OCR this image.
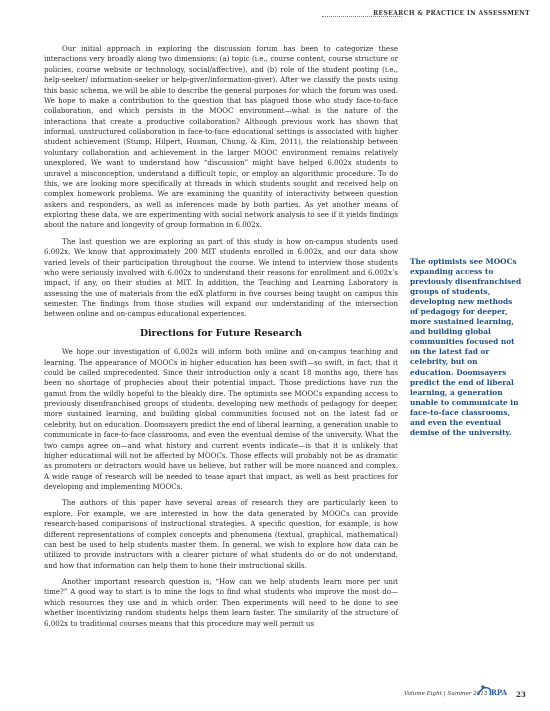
RESEARCH & PRACTICE IN ASSESSMENT

Our initial approach in exploring the discussion forum has been to categorize these interactions very broadly along two dimensions: (a) topic (i.e., course content, course structure or policies, course website or technology, social/affective), and (b) role of the student posting (i.e., help-seeker/ information-seeker or help-giver/information-giver). After we classify the posts using this basic schema, we will be able to describe the general purposes for which the forum was used. We hope to make a contribution to the question that has plagued those who study face-to-face collaboration, and which persists in the MOOC environment—what is the nature of the interactions that create a productive collaboration? Although previous work has shown that informal, unstructured collaboration in face-to-face educational settings is associated with higher student achievement (Stump, Hilpert, Husman, Chung, & Kim, 2011), the relationship between voluntary collaboration and achievement in the larger MOOC environment remains relatively unexplored. We want to understand how “discussion” might have helped 6.002x students to unravel a misconception, understand a difficult topic, or employ an algorithmic procedure. To do this, we are looking more specifically at threads in which students sought and received help on complex homework problems. We are examining the quantity of interactivity between question askers and responders, as well as inferences made by both parties. As yet another means of exploring these data, we are experimenting with social network analysis to see if it yields findings about the nature and longevity of group formation in 6.002x.

The last question we are exploring as part of this study is how on-campus students used 6.002x. We know that approximately 200 MIT students enrolled in 6.002x, and our data show varied levels of their participation throughout the course. We intend to interview those students who were seriously involved with 6.002x to understand their reasons for enrollment and 6.002x’s impact, if any, on their studies at MIT. In addition, the Teaching and Learning Laboratory is assessing the use of materials from the edX platform in five courses being taught on campus this semester. The findings from those studies will expand our understanding of the intersection between online and on-campus educational experiences.

Directions for Future Research

We hope our investigation of 6.002x will inform both online and on-campus teaching and learning. The appearance of MOOCs in higher education has been swift—so swift, in fact, that it could be called unprecedented. Since their introduction only a scant 18 months ago, there has been no shortage of prophecies about their potential impact. Those predictions have run the gamut from the wildly hopeful to the bleakly dire. The optimists see MOOCs expanding access to previously disenfranchised groups of students, developing new methods of pedagogy for deeper, more sustained learning, and building global communities focused not on the latest fad or celebrity, but on education. Doomsayers predict the end of liberal learning, a generation unable to communicate in face-to-face classrooms, and even the eventual demise of the university. What the two camps agree on—and what history and current events indicate—is that it is unlikely that higher educational will not be affected by MOOCs. Those effects will probably not be as dramatic as promoters or detractors would have us believe, but rather will be more nuanced and complex. A wide range of research will be needed to tease apart that impact, as well as best practices for developing and implementing MOOCs.

The authors of this paper have several areas of research they are particularly keen to explore. For example, we are interested in how the data generated by MOOCs can provide research-based comparisons of instructional strategies. A specific question, for example, is how different representations of complex concepts and phenomena (textual, graphical, mathematical) can best be used to help students master them. In general, we wish to explore how data can be utilized to provide instructors with a clearer picture of what students do or do not understand, and how that information can help them to hone their instructional skills.

Another important research question is, “How can we help students learn more per unit time?” A good way to start is to mine the logs to find what students who improve the most do—which resources they use and in which order. Then experiments will need to be done to see whether incentivizing random students helps them learn faster. The similarity of the structure of 6.002x to traditional courses means that this procedure may well permit us

The optimists see MOOCs expanding access to previously disenfranchised groups of students, developing new methods of pedagogy for deeper, more sustained learning, and building global communities focused not on the latest fad or celebrity, but on education. Doomsayers predict the end of liberal learning, a generation unable to communicate in face-to-face classrooms, and even the eventual demise of the university.
Volume Eight | Summer 2013 RPA 23
